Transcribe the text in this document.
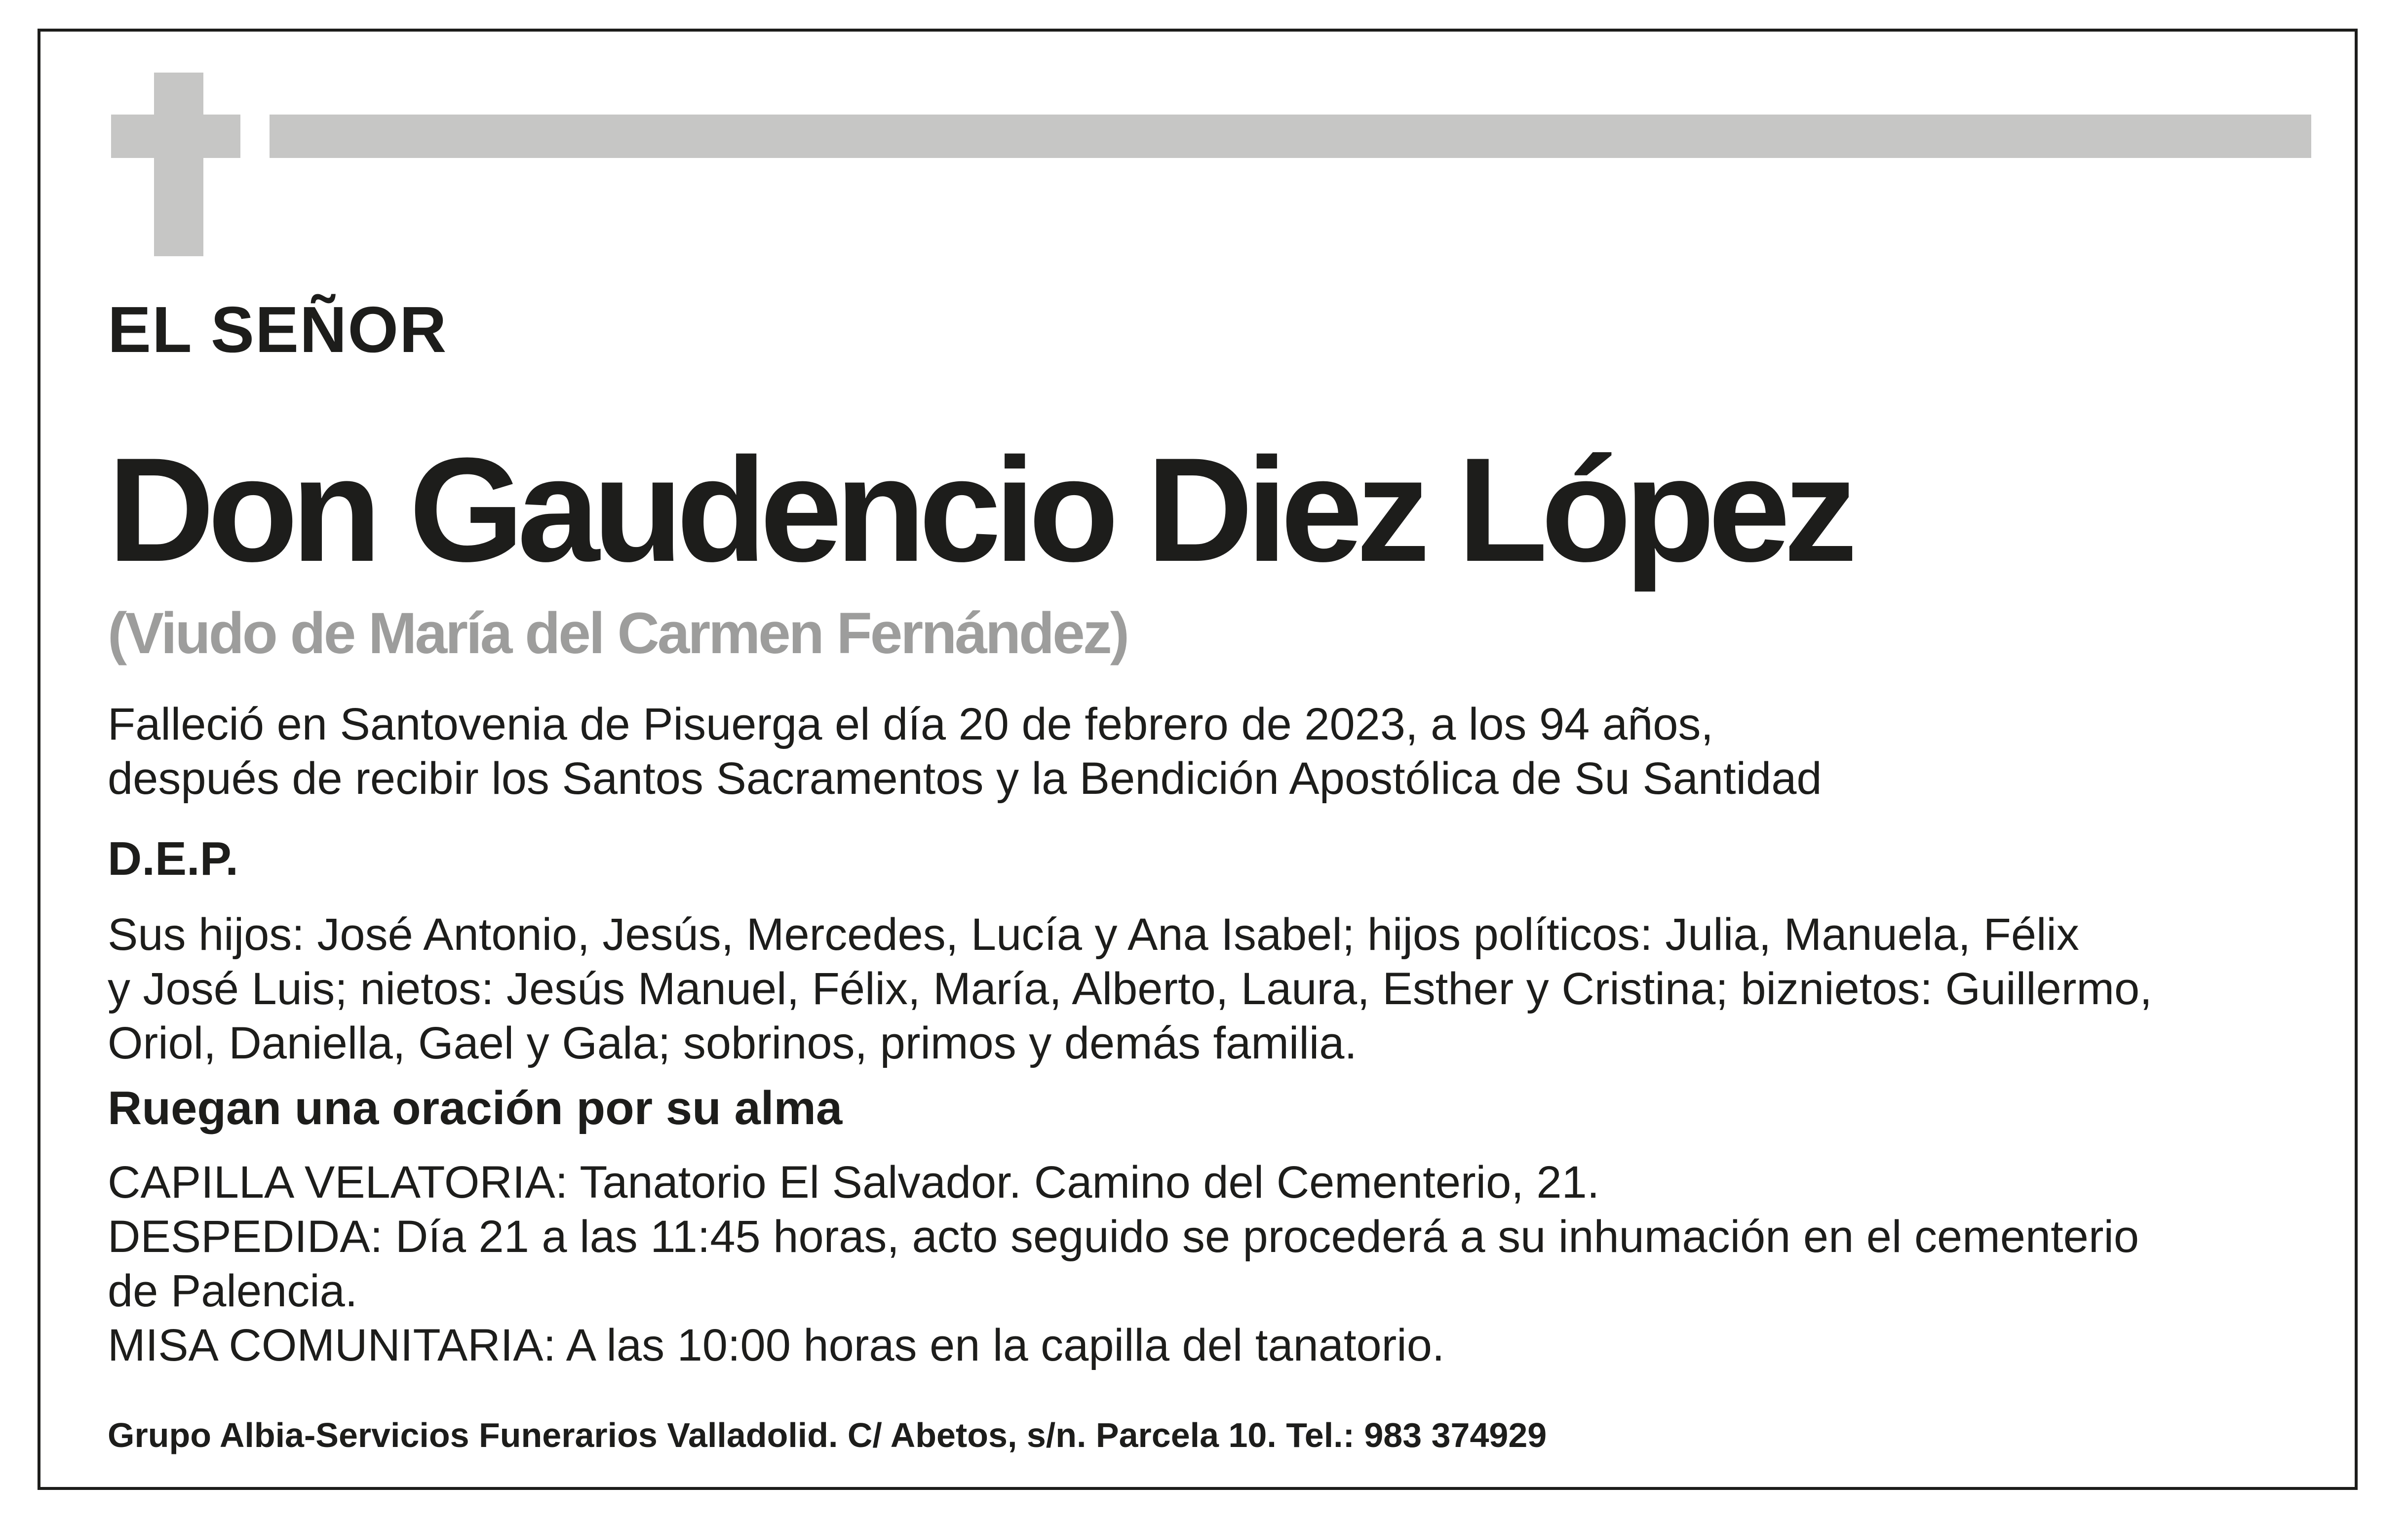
EL SEÑOR
Don Gaudencio Diez López
(Viudo de María del Carmen Fernández)
Falleció en Santovenia de Pisuerga el día 20 de febrero de 2023, a los 94 años,
después de recibir los Santos Sacramentos y la Bendición Apostólica de Su Santidad
D.E.P.
Sus hijos: José Antonio, Jesús, Mercedes, Lucía y Ana Isabel; hijos políticos: Julia, Manuela, Félix
y José Luis; nietos: Jesús Manuel, Félix, María, Alberto, Laura, Esther y Cristina; biznietos: Guillermo,
Oriol, Daniella, Gael y Gala; sobrinos, primos y demás familia.
Ruegan una oración por su alma
CAPILLA VELATORIA: Tanatorio El Salvador. Camino del Cementerio, 21.
DESPEDIDA: Día 21 a las 11:45 horas, acto seguido se procederá a su inhumación en el cementerio
de Palencia.
MISA COMUNITARIA: A las 10:00 horas en la capilla del tanatorio.
Grupo Albia-Servicios Funerarios Valladolid. C/ Abetos, s/n. Parcela 10. Tel.: 983 374929
